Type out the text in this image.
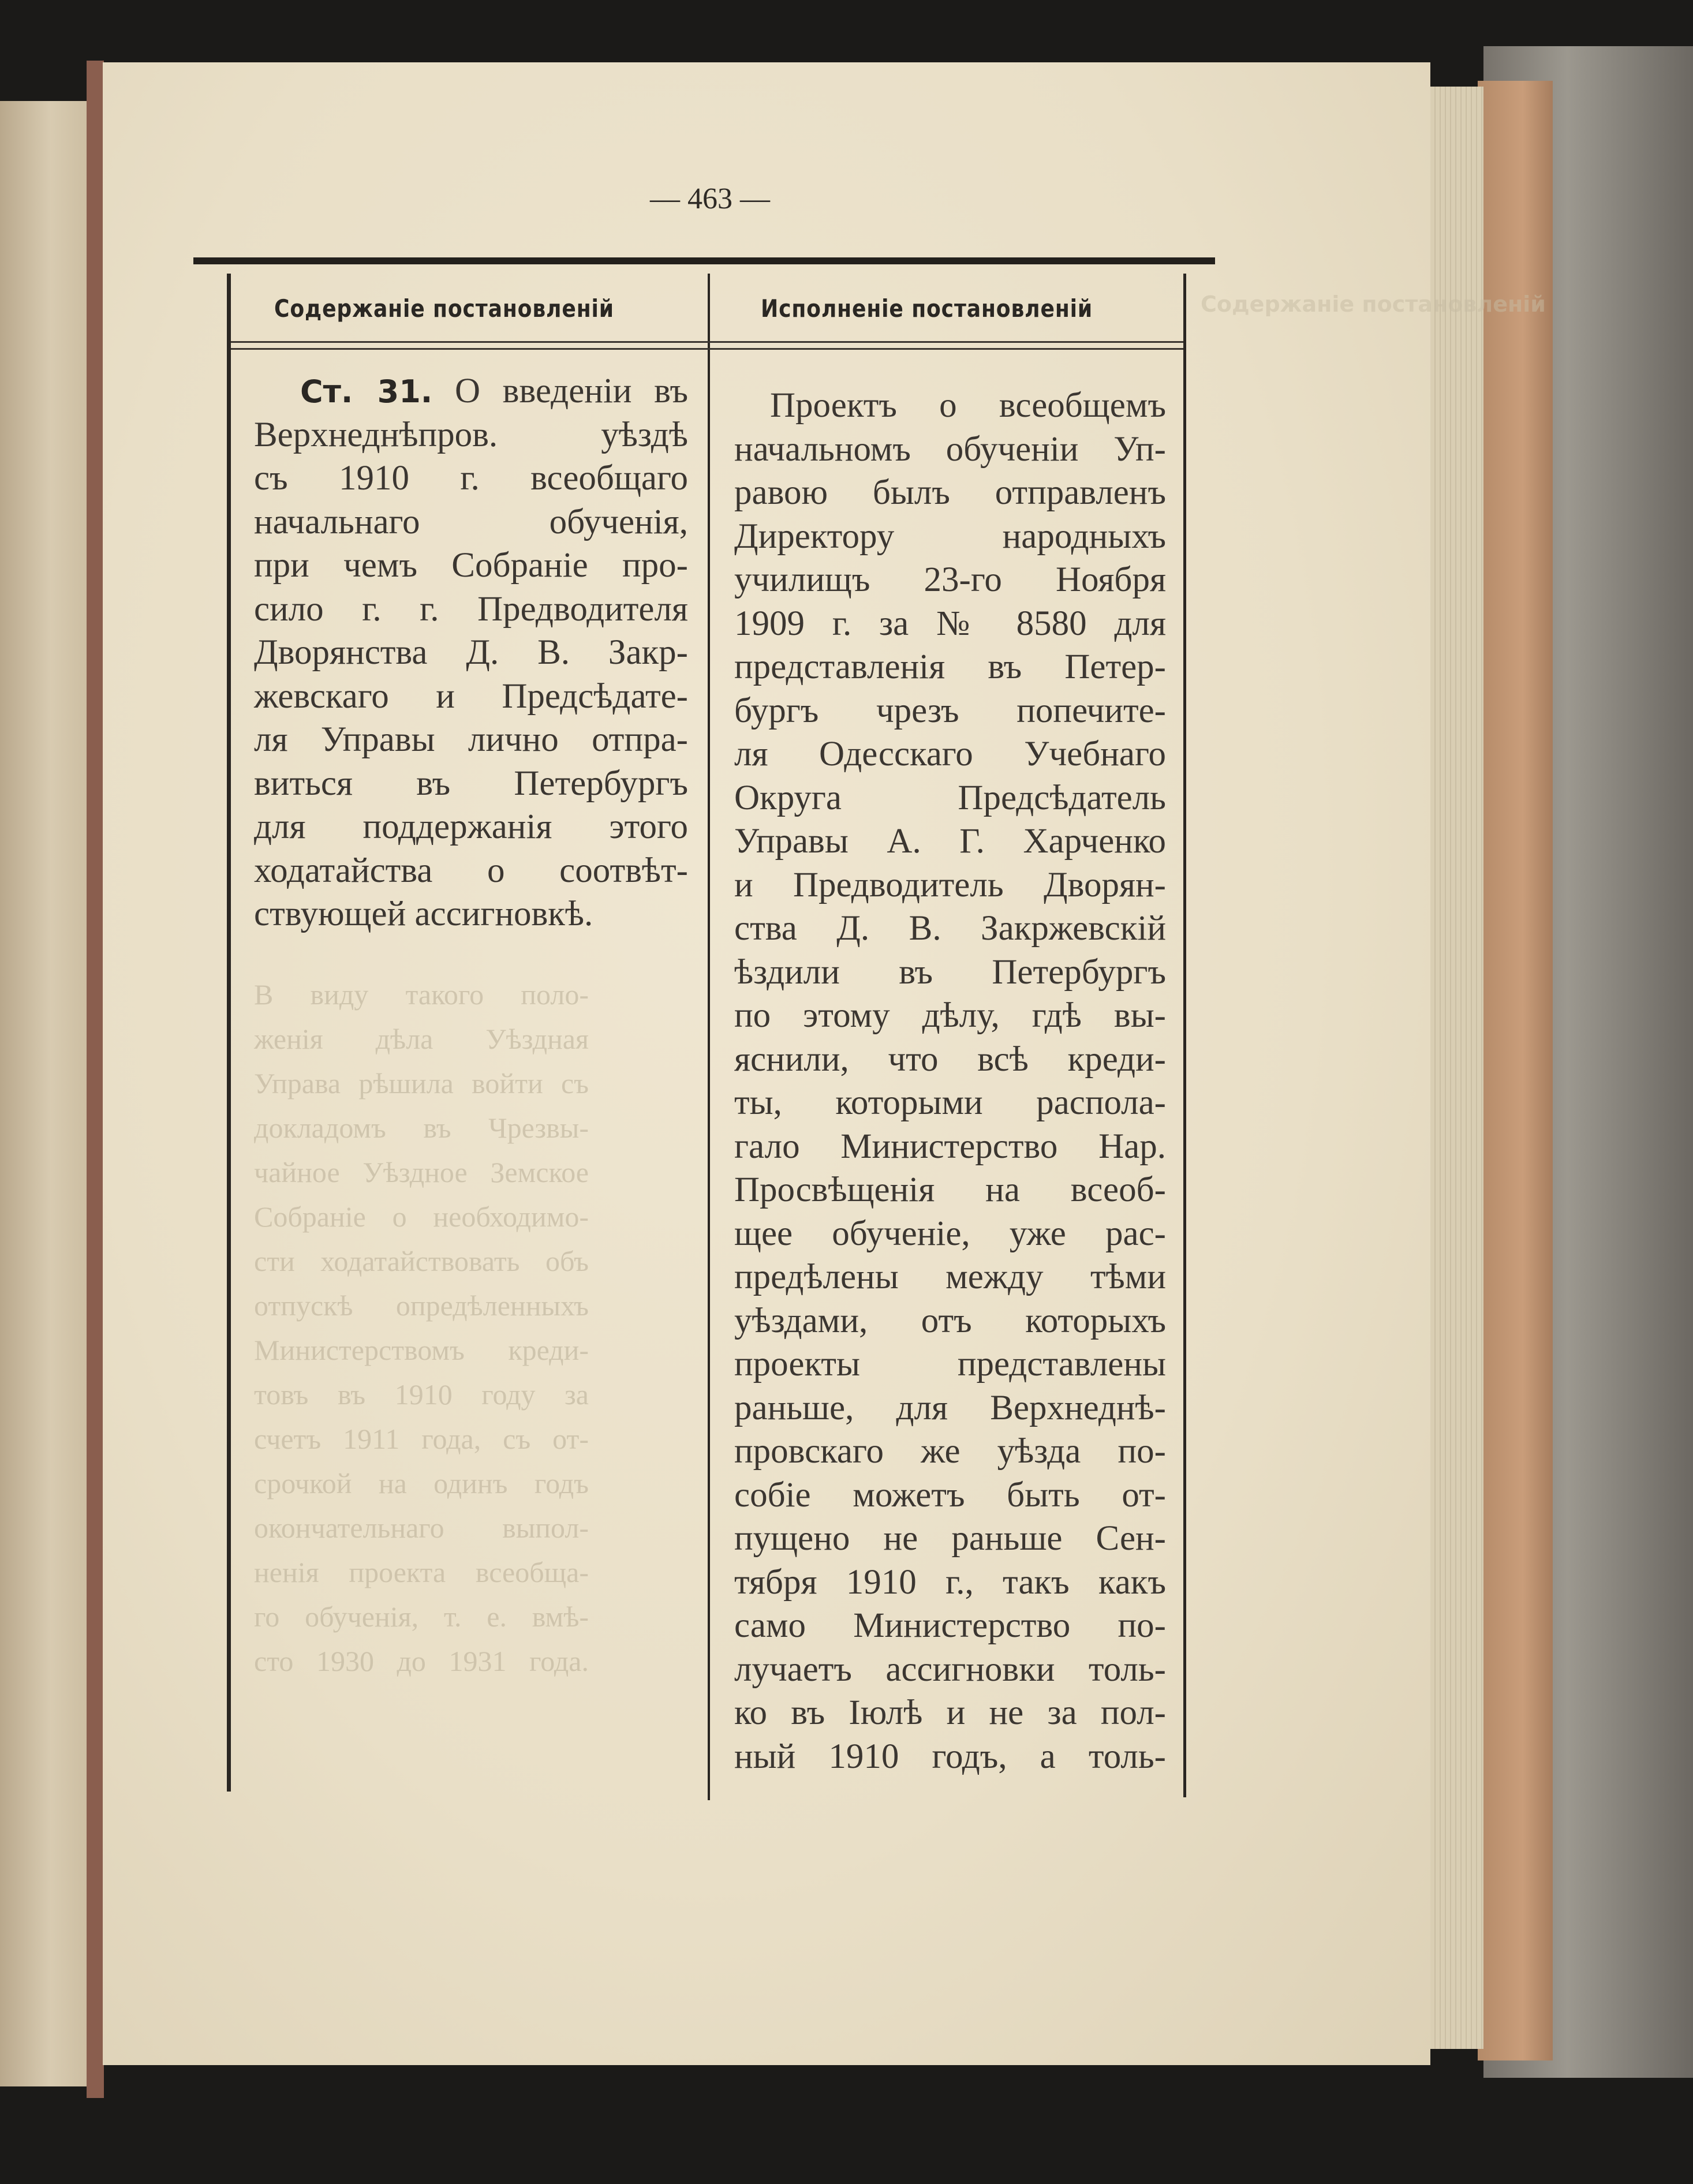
В  виду  такого  поло-
женія  дѣла  Уѣздная
Управа рѣшила войти съ
докладомъ въ Чрезвы-
чайное Уѣздное Земское
Собраніе о необходимо-
сти ходатайствовать объ
отпускѣ опредѣленныхъ
Министерствомъ креди-
товъ въ 1910 году за
счетъ 1911 года, съ от-
срочкой на одинъ годъ
окончательнаго выпол-
ненія проекта всеобща-
го обученія, т. е. вмѣ-
сто 1930 до 1931 года.
Содержаніе постановленій
— 463 —
Содержаніе постановленій	Исполненіе постановленій
Ст. 31. О введеніи въ
Верхнеднѣпров. уѣздѣ
съ 1910 г. всеобщаго
начальнаго обученія,
при чемъ Собраніе про-
сило г. г. Предводителя
Дворянства Д. В. Закр-
жевскаго и Предсѣдате-
ля Управы лично отпра-
виться въ Петербургъ
для поддержанія этого
ходатайства о соотвѣт-
ствующей ассигновкѣ.
Проектъ о всеобщемъ
начальномъ обученіи Уп-
равою былъ отправленъ
Директору народныхъ
училищъ 23-го Ноября
1909 г. за № 8580 для
представленія въ Петер-
бургъ чрезъ попечите-
ля Одесскаго Учебнаго
Округа Предсѣдатель
Управы А. Г. Харченко
и Предводитель Дворян-
ства Д. В. Закржевскій
ѣздили въ Петербургъ
по этому дѣлу, гдѣ вы-
яснили, что всѣ креди-
ты, которыми распола-
гало Министерство Нар.
Просвѣщенія на всеоб-
щее обученіе, уже рас-
предѣлены между тѣми
уѣздами, отъ которыхъ
проекты представлены
раньше, для Верхнеднѣ-
провскаго же уѣзда по-
собіе можетъ быть от-
пущено не раньше Сен-
тября 1910 г., такъ какъ
само Министерство по-
лучаетъ ассигновки толь-
ко въ Іюлѣ и не за пол-
ный 1910 годъ, а толь-
